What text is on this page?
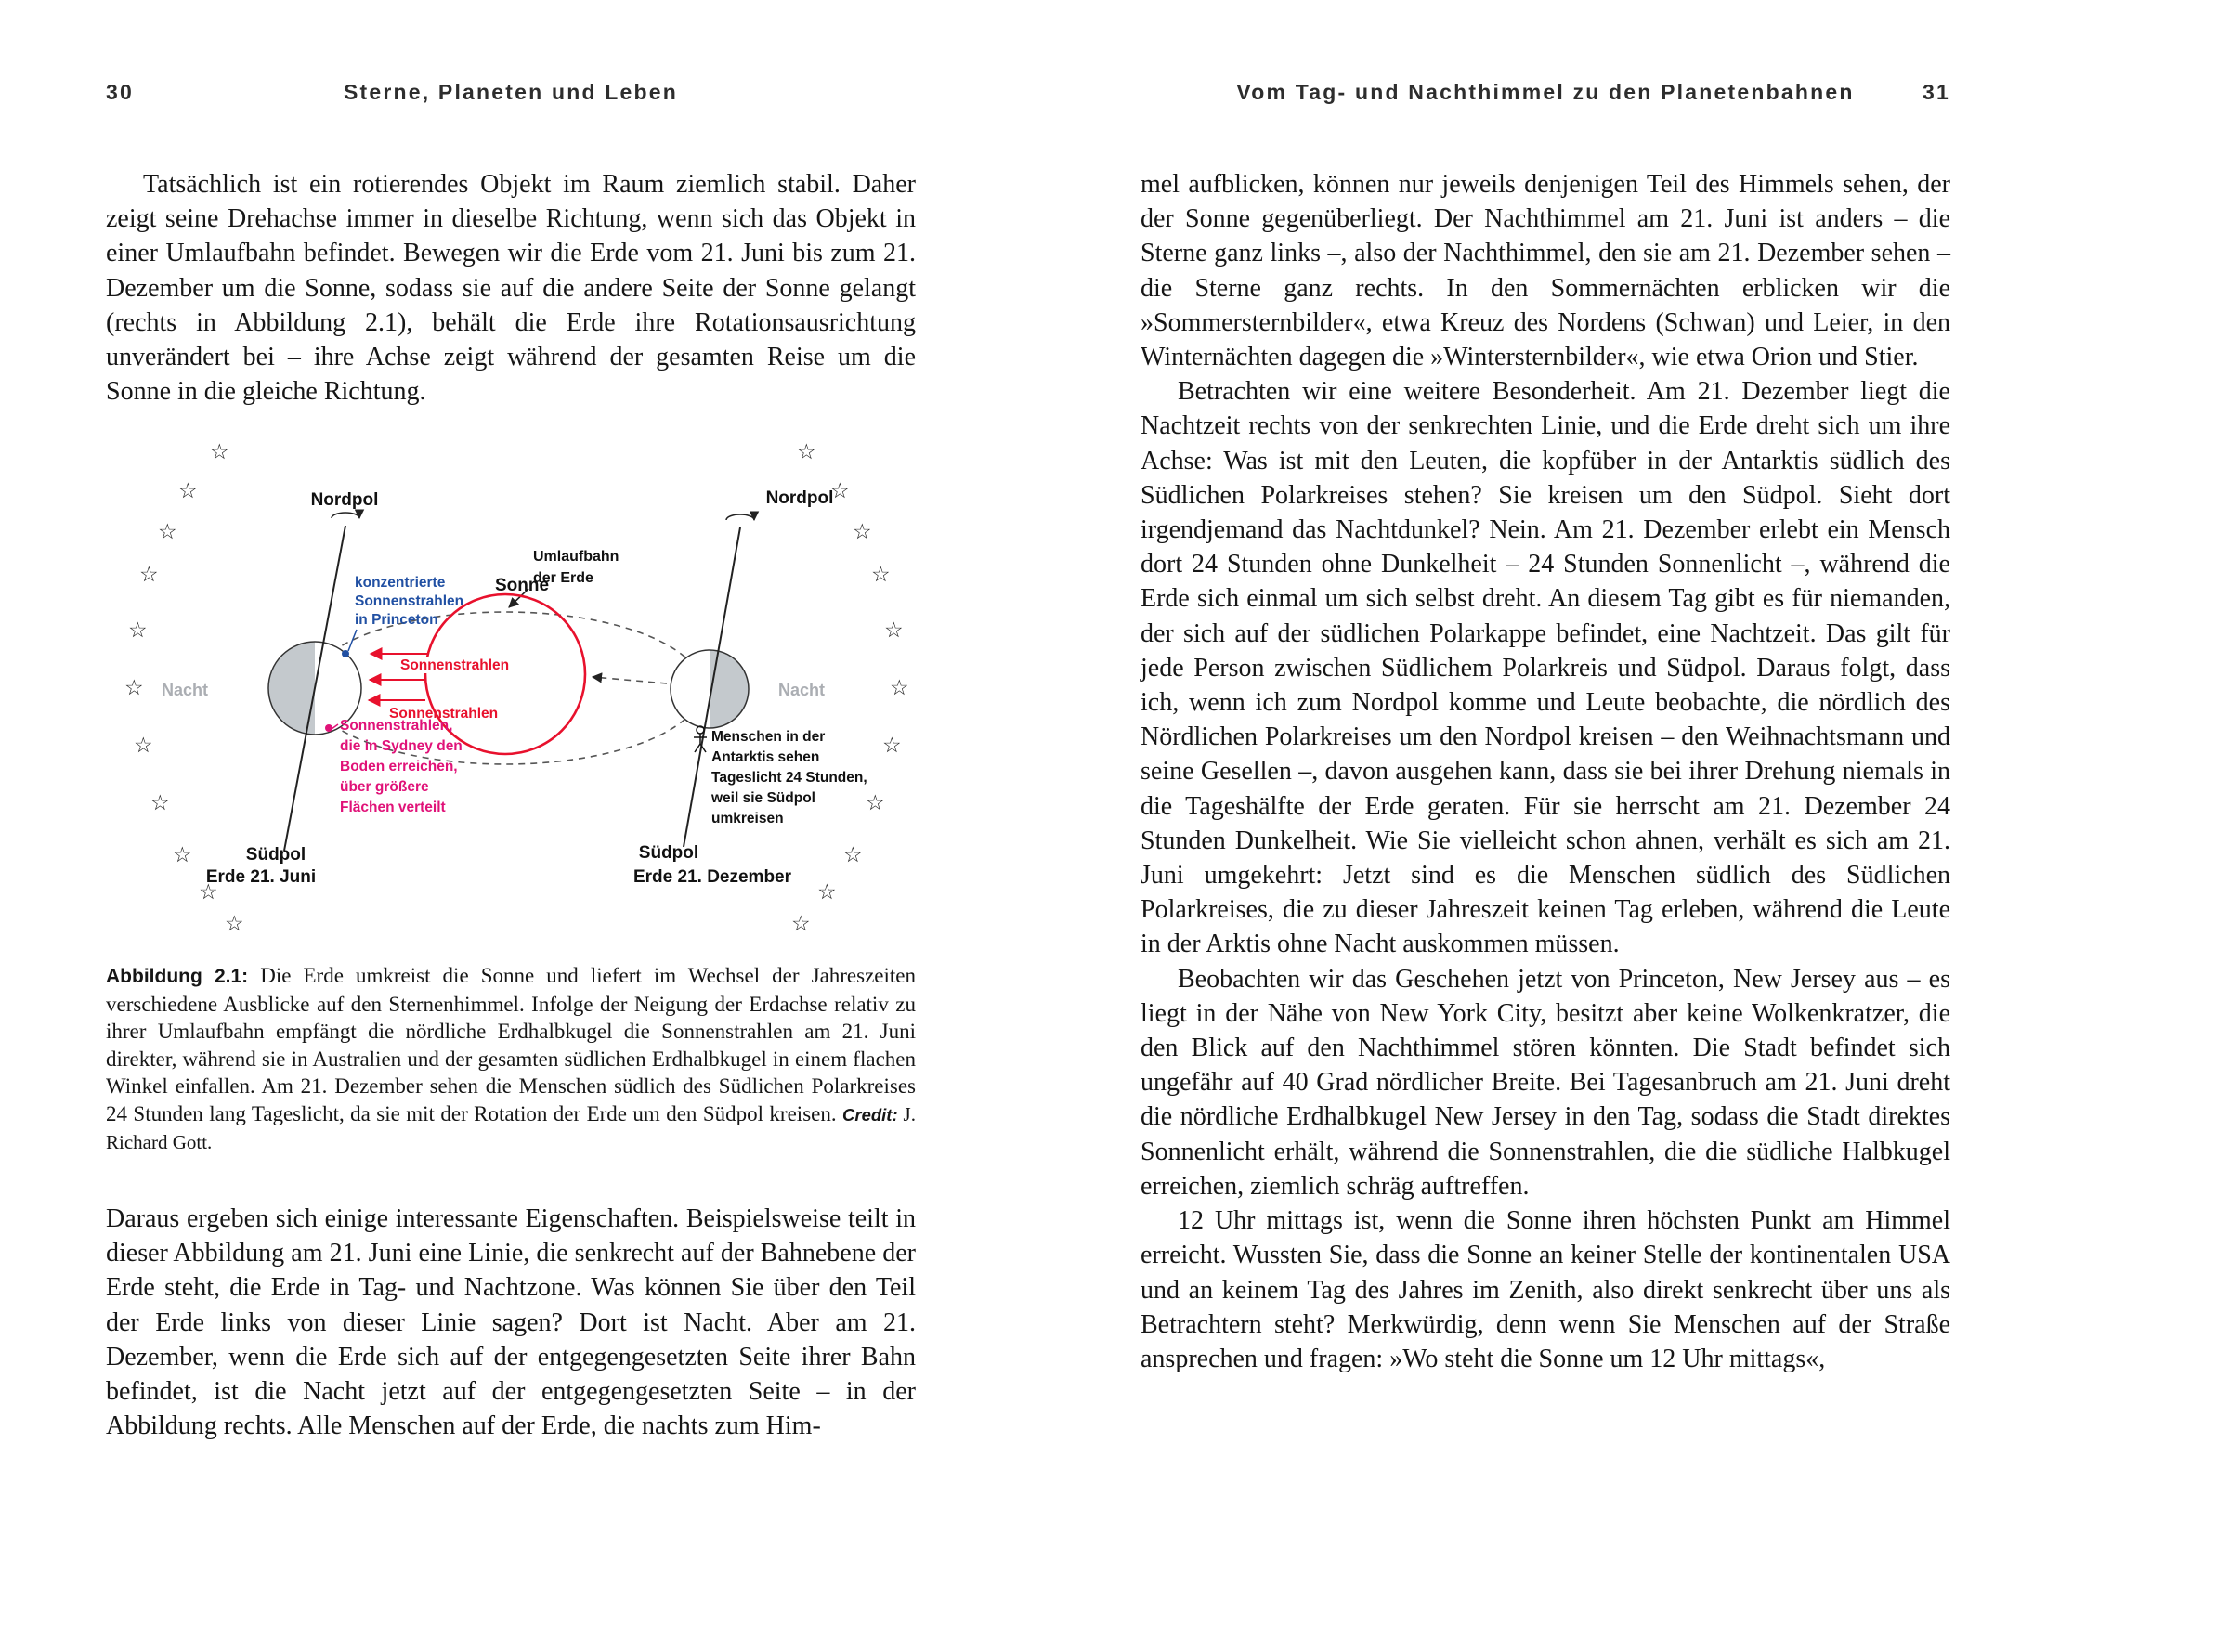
30	Sterne, Planeten und Leben

Tatsächlich ist ein rotierendes Objekt im Raum ziemlich stabil. Daher zeigt seine Drehachse immer in dieselbe Richtung, wenn sich das Objekt in einer Umlaufbahn befindet. Bewegen wir die Erde vom 21. Juni bis zum 21. Dezember um die Sonne, sodass sie auf die andere Seite der Sonne gelangt (rechts in Abbildung 2.1), behält die Erde ihre Rotationsausrichtung unverändert bei – ihre Achse zeigt während der gesamten Reise um die Sonne in die gleiche Richtung.

Nordpol	Nordpol
Südpol	Südpol
Sonne
Umlaufbahn
der Erde
Nacht	Nacht
Sonnenstrahlen
Sonnenstrahlen
konzentrierte
Sonnenstrahlen
in Princeton
Sonnenstrahlen,
die in Sydney den
Boden erreichen,
über größere
Flächen verteilt
Menschen in der
Antarktis sehen
Tageslicht 24 Stunden,
weil sie Südpol
umkreisen
Erde 21. Juni	Erde 21. Dezember
☆
☆
☆
☆
☆
☆
☆
☆
☆
☆
☆
☆
☆
☆
☆
☆
☆
☆
☆
☆
☆
☆

Abbildung 2.1: Die Erde umkreist die Sonne und liefert im Wechsel der Jahreszeiten verschiedene Ausblicke auf den Sternenhimmel. Infolge der Neigung der Erdachse relativ zu ihrer Umlaufbahn empfängt die nördliche Erdhalbkugel die Sonnenstrahlen am 21. Juni direkter, während sie in Australien und der gesamten südlichen Erdhalbkugel in einem flachen Winkel einfallen. Am 21. Dezember sehen die Menschen südlich des Südlichen Polarkreises 24 Stunden lang Tageslicht, da sie mit der Rotation der Erde um den Südpol kreisen. Credit: J. Richard Gott.

Daraus ergeben sich einige interessante Eigenschaften. Beispielsweise teilt in dieser Abbildung am 21. Juni eine Linie, die senkrecht auf der Bahnebene der Erde steht, die Erde in Tag- und Nachtzone. Was können Sie über den Teil der Erde links von dieser Linie sagen? Dort ist Nacht. Aber am 21. Dezember, wenn die Erde sich auf der entgegengesetzten Seite ihrer Bahn befindet, ist die Nacht jetzt auf der entgegengesetzten Seite – in der Abbildung rechts. Alle Menschen auf der Erde, die nachts zum Him-

Vom Tag- und Nachthimmel zu den Planetenbahnen	31

mel aufblicken, können nur jeweils denjenigen Teil des Himmels sehen, der der Sonne gegenüberliegt. Der Nachthimmel am 21. Juni ist anders – die Sterne ganz links –, also der Nachthimmel, den sie am 21. Dezember sehen – die Sterne ganz rechts. In den Sommernächten erblicken wir die »Sommersternbilder«, etwa Kreuz des Nordens (Schwan) und Leier, in den Winternächten dagegen die »Wintersternbilder«, wie etwa Orion und Stier.

Betrachten wir eine weitere Besonderheit. Am 21. Dezember liegt die Nachtzeit rechts von der senkrechten Linie, und die Erde dreht sich um ihre Achse: Was ist mit den Leuten, die kopfüber in der Antarktis südlich des Südlichen Polarkreises stehen? Sie kreisen um den Südpol. Sieht dort irgendjemand das Nachtdunkel? Nein. Am 21. Dezember erlebt ein Mensch dort 24 Stunden ohne Dunkelheit – 24 Stunden Sonnenlicht –, während die Erde sich einmal um sich selbst dreht. An diesem Tag gibt es für niemanden, der sich auf der südlichen Polarkappe befindet, eine Nachtzeit. Das gilt für jede Person zwischen Südlichem Polarkreis und Südpol. Daraus folgt, dass ich, wenn ich zum Nordpol komme und Leute beobachte, die nördlich des Nördlichen Polarkreises um den Nordpol kreisen – den Weihnachtsmann und seine Gesellen –, davon ausgehen kann, dass sie bei ihrer Drehung niemals in die Tageshälfte der Erde geraten. Für sie herrscht am 21. Dezember 24 Stunden Dunkelheit. Wie Sie vielleicht schon ahnen, verhält es sich am 21. Juni umgekehrt: Jetzt sind es die Menschen südlich des Südlichen Polarkreises, die zu dieser Jahreszeit keinen Tag erleben, während die Leute in der Arktis ohne Nacht auskommen müssen.

Beobachten wir das Geschehen jetzt von Princeton, New Jersey aus – es liegt in der Nähe von New York City, besitzt aber keine Wolkenkratzer, die den Blick auf den Nachthimmel stören könnten. Die Stadt befindet sich ungefähr auf 40 Grad nördlicher Breite. Bei Tagesanbruch am 21. Juni dreht die nördliche Erdhalbkugel New Jersey in den Tag, sodass die Stadt direktes Sonnenlicht erhält, während die Sonnenstrahlen, die die südliche Halbkugel erreichen, ziemlich schräg auftreffen.

12 Uhr mittags ist, wenn die Sonne ihren höchsten Punkt am Himmel erreicht. Wussten Sie, dass die Sonne an keiner Stelle der kontinentalen USA und an keinem Tag des Jahres im Zenith, also direkt senkrecht über uns als Betrachtern steht? Merkwürdig, denn wenn Sie Menschen auf der Straße ansprechen und fragen: »Wo steht die Sonne um 12 Uhr mittags«,
